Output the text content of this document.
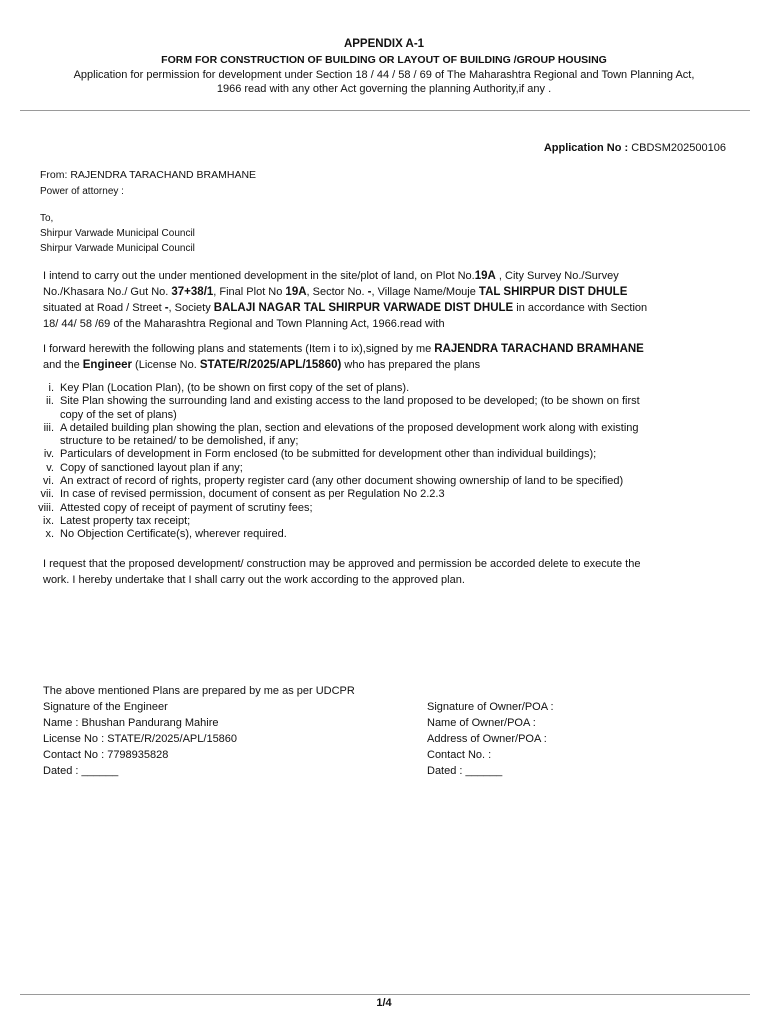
APPENDIX A-1
FORM FOR CONSTRUCTION OF BUILDING OR LAYOUT OF BUILDING /GROUP HOUSING
Application for permission for development under Section 18 / 44 / 58 / 69 of The Maharashtra Regional and Town Planning Act,
1966 read with any other Act governing the planning Authority,if any .
Application No : CBDSM202500106
From: RAJENDRA TARACHAND BRAMHANE
Power of attorney :
To,
Shirpur Varwade Municipal Council
Shirpur Varwade Municipal Council
I intend to carry out the under mentioned development in the site/plot of land, on Plot No.19A , City Survey No./Survey
No./Khasara No./ Gut No. 37+38/1, Final Plot No 19A, Sector No. -, Village Name/Mouje TAL SHIRPUR DIST DHULE
situated at Road / Street -, Society BALAJI NAGAR TAL SHIRPUR VARWADE DIST DHULE in accordance with Section
18/ 44/ 58 /69 of the Maharashtra Regional and Town Planning Act, 1966.read with
I forward herewith the following plans and statements (Item i to ix),signed by me RAJENDRA TARACHAND BRAMHANE
and the Engineer (License No. STATE/R/2025/APL/15860) who has prepared the plans
i. Key Plan (Location Plan), (to be shown on first copy of the set of plans).
ii. Site Plan showing the surrounding land and existing access to the land proposed to be developed; (to be shown on first
copy of the set of plans)
iii. A detailed building plan showing the plan, section and elevations of the proposed development work along with existing
structure to be retained/ to be demolished, if any;
iv. Particulars of development in Form enclosed (to be submitted for development other than individual buildings);
v. Copy of sanctioned layout plan if any;
vi. An extract of record of rights, property register card (any other document showing ownership of land to be specified)
vii. In case of revised permission, document of consent as per Regulation No 2.2.3
viii. Attested copy of receipt of payment of scrutiny fees;
ix. Latest property tax receipt;
x. No Objection Certificate(s), wherever required.
I request that the proposed development/ construction may be approved and permission be accorded delete to execute the
work. I hereby undertake that I shall carry out the work according to the approved plan.
The above mentioned Plans are prepared by me as per UDCPR
Signature of the Engineer
Name : Bhushan Pandurang Mahire
License No : STATE/R/2025/APL/15860
Contact No : 7798935828
Dated : ______
Signature of Owner/POA :
Name of Owner/POA :
Address of Owner/POA :
Contact No. :
Dated : ______
1/4
